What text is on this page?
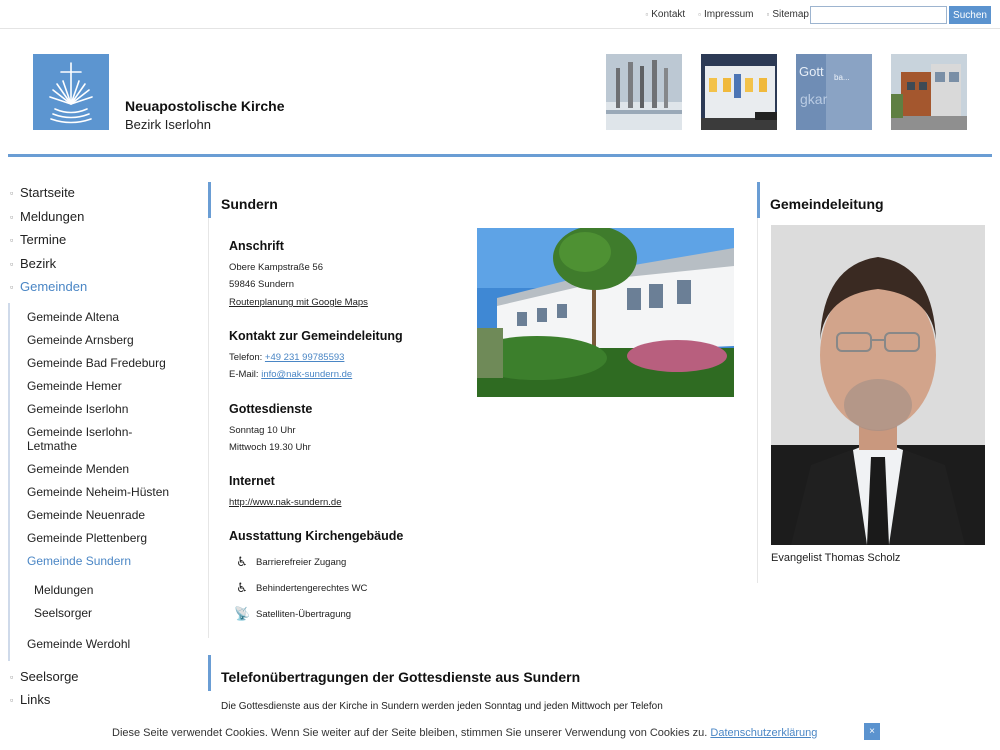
▫ Kontakt	▫ Impressum	▫ Sitemap	Suchen
Neuapostolische Kirche
Bezirk Iserlohn
Gott ba...
gkar
▫ Startseite
▫ Meldungen
▫ Termine
▫ Bezirk
▫ Gemeinden
Gemeinde Altena
Gemeinde Arnsberg
Gemeinde Bad Fredeburg
Gemeinde Hemer
Gemeinde Iserlohn
Gemeinde Iserlohn-Letmathe
Gemeinde Menden
Gemeinde Neheim-Hüsten
Gemeinde Neuenrade
Gemeinde Plettenberg
Gemeinde Sundern
Meldungen
Seelsorger
Gemeinde Werdohl
▫ Seelsorge
▫ Links
Sundern
Anschrift
Obere Kampstraße 56
59846 Sundern
Routenplanung mit Google Maps
Kontakt zur Gemeindeleitung
Telefon: +49 231 99785593
E-Mail: info@nak-sundern.de
Gottesdienste
Sonntag 10 Uhr
Mittwoch 19.30 Uhr
Internet
http://www.nak-sundern.de
Ausstattung Kirchengebäude
♿ Barrierefreier Zugang
♿ Behindertengerechtes WC
📡 Satelliten-Übertragung
Gemeindeleitung
Evangelist Thomas Scholz
Telefonübertragungen der Gottesdienste aus Sundern
Die Gottesdienste aus der Kirche in Sundern werden jeden Sonntag und jeden Mittwoch per Telefon
Diese Seite verwendet Cookies. Wenn Sie weiter auf der Seite bleiben, stimmen Sie unserer Verwendung von Cookies zu. Datenschutzerklärung	×
